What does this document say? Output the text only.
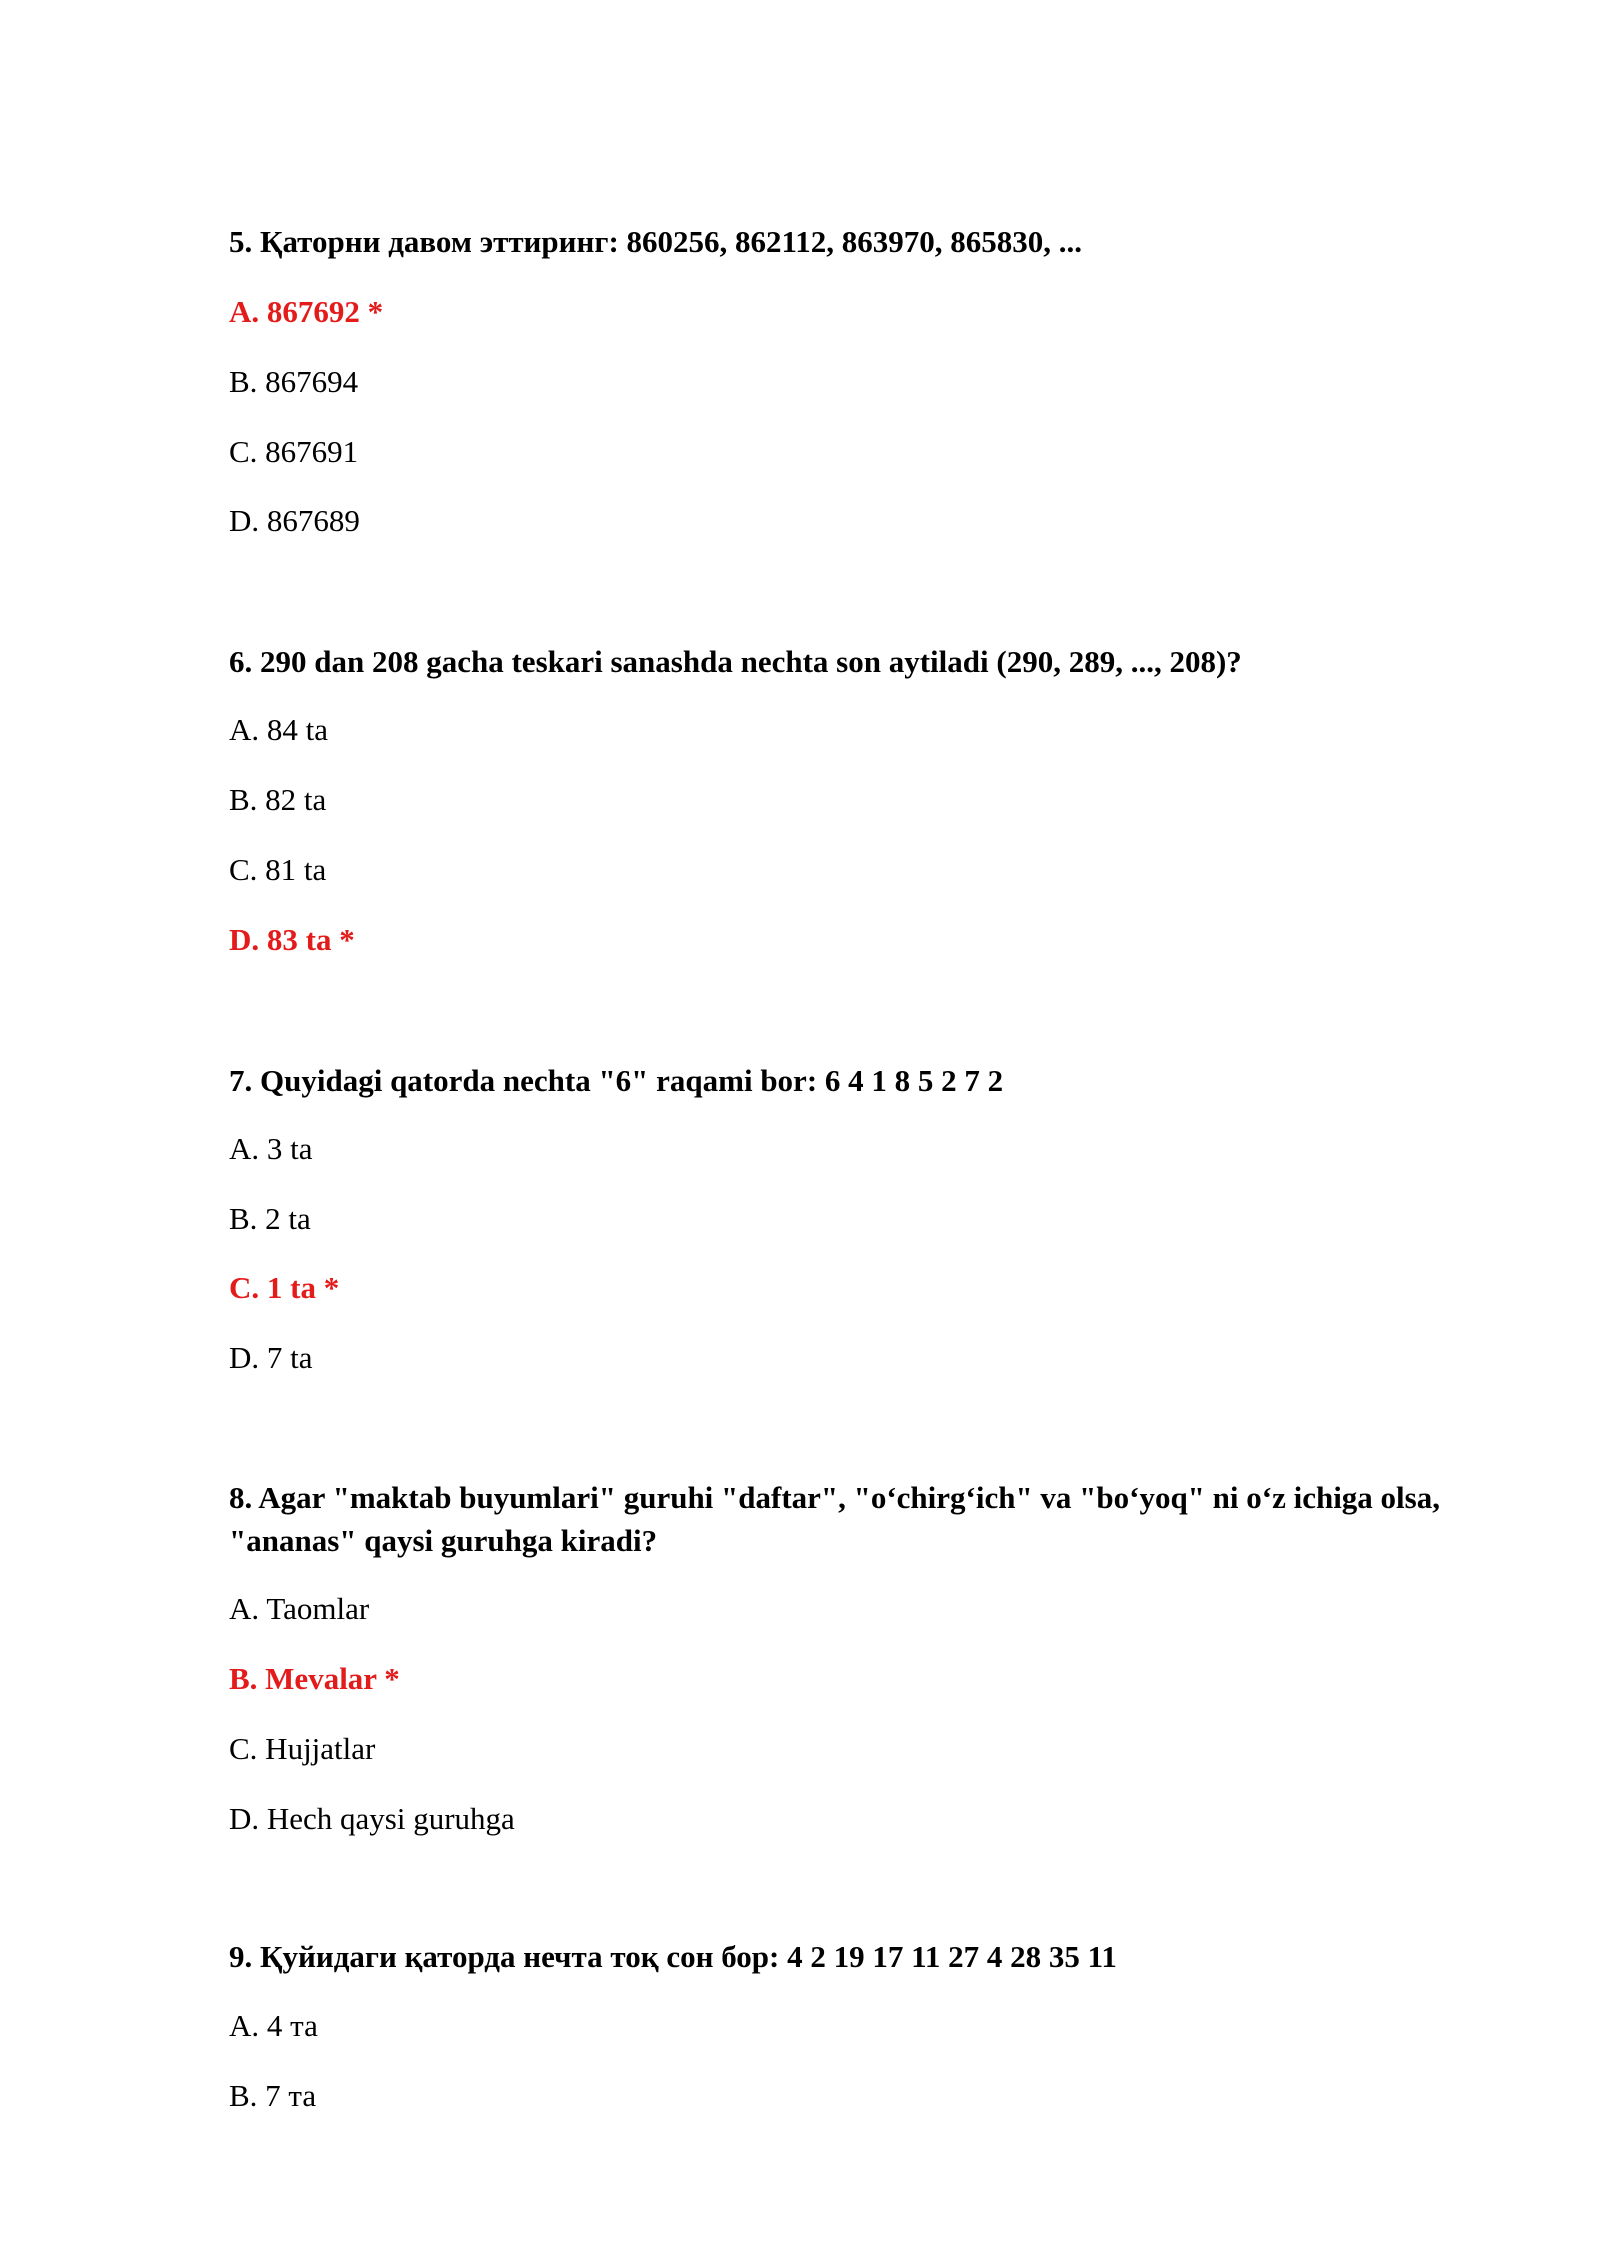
5. Қаторни давом эттиринг: 860256, 862112, 863970, 865830, ...

A. 867692 *

B. 867694

C. 867691

D. 867689

6. 290 dan 208 gacha teskari sanashda nechta son aytiladi (290, 289, ..., 208)?

A. 84 ta

B. 82 ta

C. 81 ta

D. 83 ta *

7. Quyidagi qatorda nechta "6" raqami bor: 6 4 1 8 5 2 7 2

A. 3 ta

B. 2 ta

C. 1 ta *

D. 7 ta

8. Agar "maktab buyumlari" guruhi "daftar", "o‘chirg‘ich" va "bo‘yoq" ni o‘z ichiga olsa, "ananas" qaysi guruhga kiradi?

A. Taomlar

B. Mevalar *

C. Hujjatlar

D. Hech qaysi guruhga

9. Қуйидаги қаторда нечта тоқ сон бор: 4 2 19 17 11 27 4 28 35 11

A. 4 та

B. 7 та
